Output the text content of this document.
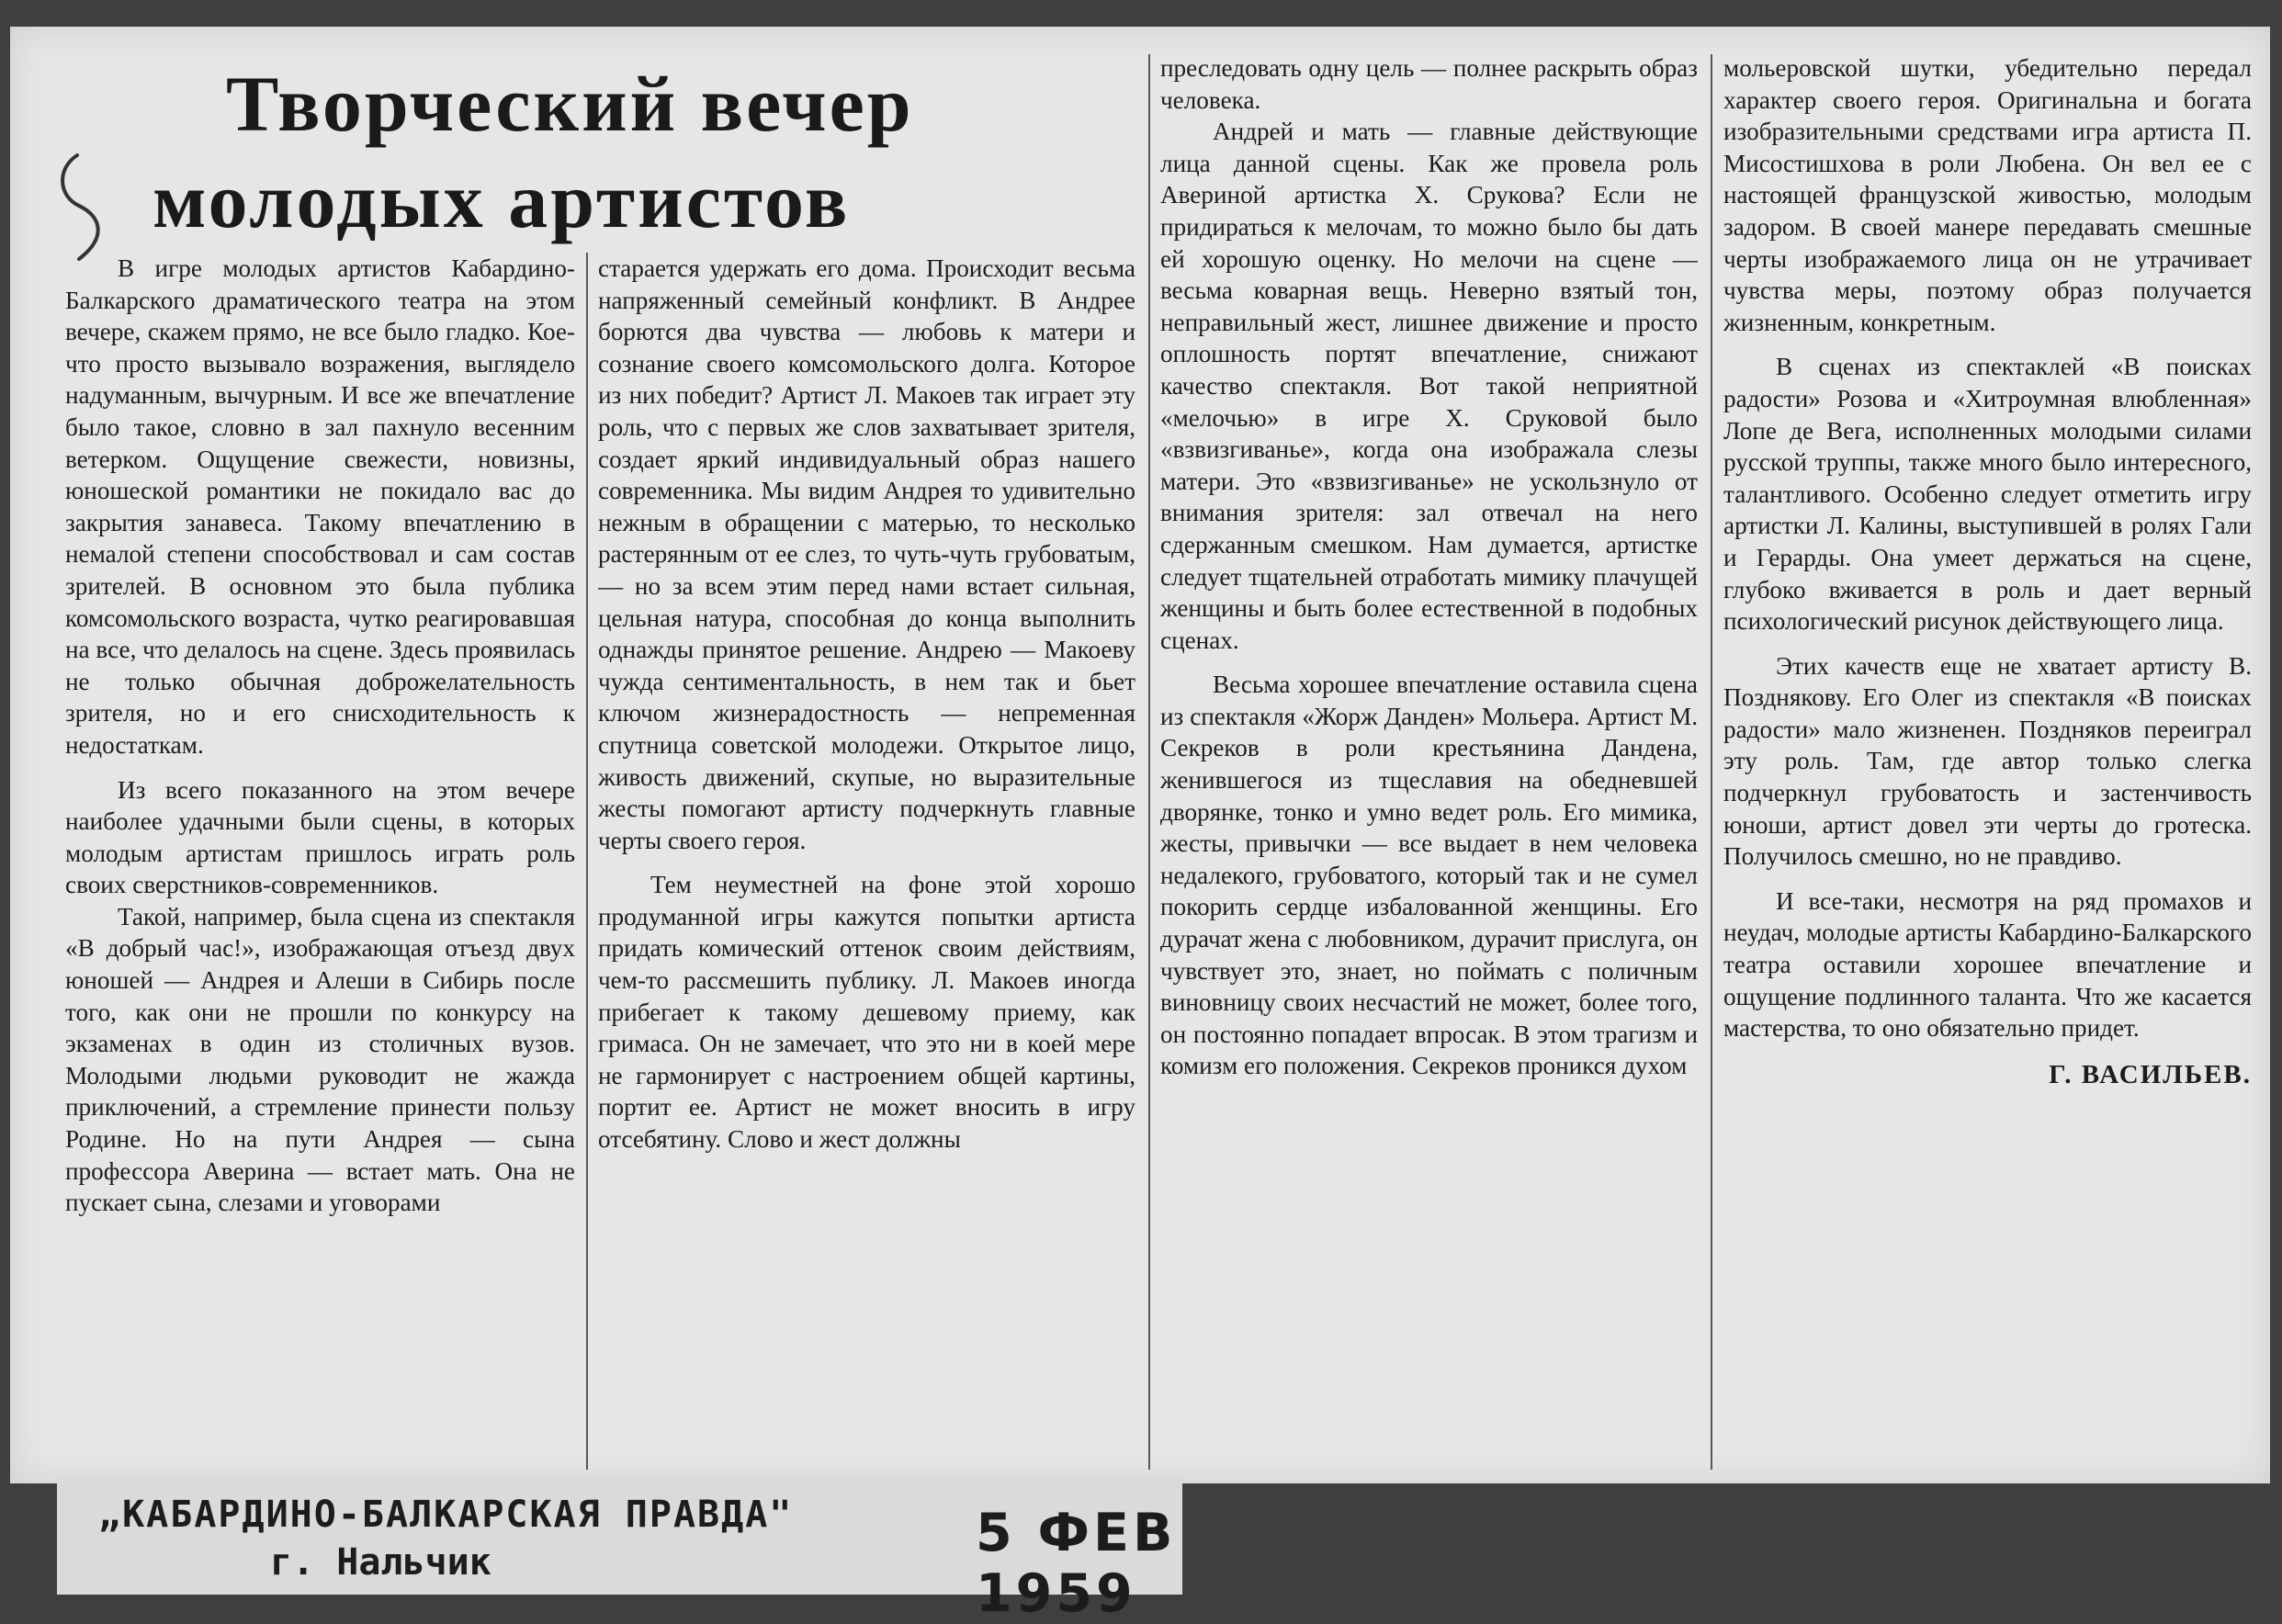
Творческий вечер
молодых артистов

В игре молодых артистов Кабардино-Балкарского драматического театра на этом вечере, скажем прямо, не все было гладко. Кое-что просто вызывало возражения, выглядело надуманным, вычурным. И все же впечатление было такое, словно в зал пахнуло весенним ветерком. Ощущение свежести, новизны, юношеской романтики не покидало вас до закрытия занавеса. Такому впечатлению в немалой степени способствовал и сам состав зрителей. В основном это была публика комсомольского возраста, чутко реагировавшая на все, что делалось на сцене. Здесь проявилась не только обычная доброжелательность зрителя, но и его снисходительность к недостаткам.

Из всего показанного на этом вечере наиболее удачными были сцены, в которых молодым артистам пришлось играть роль своих сверстников-современников.

Такой, например, была сцена из спектакля «В добрый час!», изображающая отъезд двух юношей — Андрея и Алеши в Сибирь после того, как они не прошли по конкурсу на экзаменах в один из столичных вузов. Молодыми людьми руководит не жажда приключений, а стремление принести пользу Родине. Но на пути Андрея — сына профессора Аверина — встает мать. Она не пускает сына, слезами и уговорами

старается удержать его дома. Происходит весьма напряженный семейный конфликт. В Андрее борются два чувства — любовь к матери и сознание своего комсомольского долга. Которое из них победит? Артист Л. Макоев так играет эту роль, что с первых же слов захватывает зрителя, создает яркий индивидуальный образ нашего современника. Мы видим Андрея то удивительно нежным в обращении с матерью, то несколько растерянным от ее слез, то чуть-чуть грубоватым, — но за всем этим перед нами встает сильная, цельная натура, способная до конца выполнить однажды принятое решение. Андрею — Макоеву чужда сентиментальность, в нем так и бьет ключом жизнерадостность — непременная спутница советской молодежи. Открытое лицо, живость движений, скупые, но выразительные жесты помогают артисту подчеркнуть главные черты своего героя.

Тем неуместней на фоне этой хорошо продуманной игры кажутся попытки артиста придать комический оттенок своим действиям, чем-то рассмешить публику. Л. Макоев иногда прибегает к такому дешевому приему, как гримаса. Он не замечает, что это ни в коей мере не гармонирует с настроением общей картины, портит ее. Артист не может вносить в игру отсебятину. Слово и жест должны

преследовать одну цель — полнее раскрыть образ человека.

Андрей и мать — главные действующие лица данной сцены. Как же провела роль Авериной артистка Х. Срукова? Если не придираться к мелочам, то можно было бы дать ей хорошую оценку. Но мелочи на сцене — весьма коварная вещь. Неверно взятый тон, неправильный жест, лишнее движение и просто оплошность портят впечатление, снижают качество спектакля. Вот такой неприятной «мелочью» в игре Х. Сруковой было «взвизгиванье», когда она изображала слезы матери. Это «взвизгиванье» не ускользнуло от внимания зрителя: зал отвечал на него сдержанным смешком. Нам думается, артистке следует тщательней отработать мимику плачущей женщины и быть более естественной в подобных сценах.

Весьма хорошее впечатление оставила сцена из спектакля «Жорж Данден» Мольера. Артист М. Секреков в роли крестьянина Дандена, женившегося из тщеславия на обедневшей дворянке, тонко и умно ведет роль. Его мимика, жесты, привычки — все выдает в нем человека недалекого, грубоватого, который так и не сумел покорить сердце избалованной женщины. Его дурачат жена с любовником, дурачит прислуга, он чувствует это, знает, но поймать с поличным виновницу своих несчастий не может, более того, он постоянно попадает впросак. В этом трагизм и комизм его положения. Секреков проникся духом

мольеровской шутки, убедительно передал характер своего героя. Оригинальна и богата изобразительными средствами игра артиста П. Мисостишхова в роли Любена. Он вел ее с настоящей французской живостью, молодым задором. В своей манере передавать смешные черты изображаемого лица он не утрачивает чувства меры, поэтому образ получается жизненным, конкретным.

В сценах из спектаклей «В поисках радости» Розова и «Хитроумная влюбленная» Лопе де Вега, исполненных молодыми силами русской труппы, также много было интересного, талантливого. Особенно следует отметить игру артистки Л. Калины, выступившей в ролях Гали и Герарды. Она умеет держаться на сцене, глубоко вживается в роль и дает верный психологический рисунок действующего лица.

Этих качеств еще не хватает артисту В. Позднякову. Его Олег из спектакля «В поисках радости» мало жизненен. Поздняков переиграл эту роль. Там, где автор только слегка подчеркнул грубоватость и застенчивость юноши, артист довел эти черты до гротеска. Получилось смешно, но не правдиво.

И все-таки, несмотря на ряд промахов и неудач, молодые артисты Кабардино-Балкарского театра оставили хорошее впечатление и ощущение подлинного таланта. Что же касается мастерства, то оно обязательно придет.

Г. ВАСИЛЬЕВ.
„КАБАРДИНО-БАЛКАРСКАЯ ПРАВДА"
г. Нальчик	5 ФЕВ 1959
